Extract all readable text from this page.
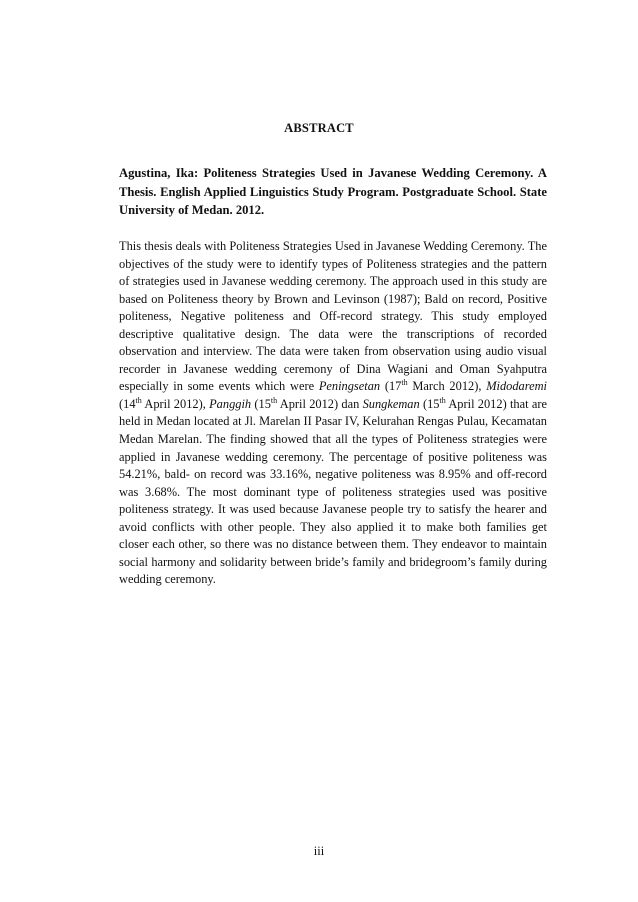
ABSTRACT

Agustina, Ika: Politeness Strategies Used in Javanese Wedding Ceremony. A Thesis. English Applied Linguistics Study Program. Postgraduate School. State University of Medan. 2012.

This thesis deals with Politeness Strategies Used in Javanese Wedding Ceremony. The objectives of the study were to identify types of Politeness strategies and the pattern of strategies used in Javanese wedding ceremony. The approach used in this study are based on Politeness theory by Brown and Levinson (1987); Bald on record, Positive politeness, Negative politeness and Off-record strategy. This study employed descriptive qualitative design. The data were the transcriptions of recorded observation and interview. The data were taken from observation using audio visual recorder in Javanese wedding ceremony of Dina Wagiani and Oman Syahputra especially in some events which were Peningsetan (17th March 2012), Midodaremi (14th April 2012), Panggih (15th April 2012) dan Sungkeman (15th April 2012) that are held in Medan located at Jl. Marelan II Pasar IV, Kelurahan Rengas Pulau, Kecamatan Medan Marelan. The finding showed that all the types of Politeness strategies were applied in Javanese wedding ceremony. The percentage of positive politeness was 54.21%, bald- on record was 33.16%, negative politeness was 8.95% and off-record was 3.68%. The most dominant type of politeness strategies used was positive politeness strategy. It was used because Javanese people try to satisfy the hearer and avoid conflicts with other people. They also applied it to make both families get closer each other, so there was no distance between them. They endeavor to maintain social harmony and solidarity between bride’s family and bridegroom’s family during wedding ceremony.

iii
